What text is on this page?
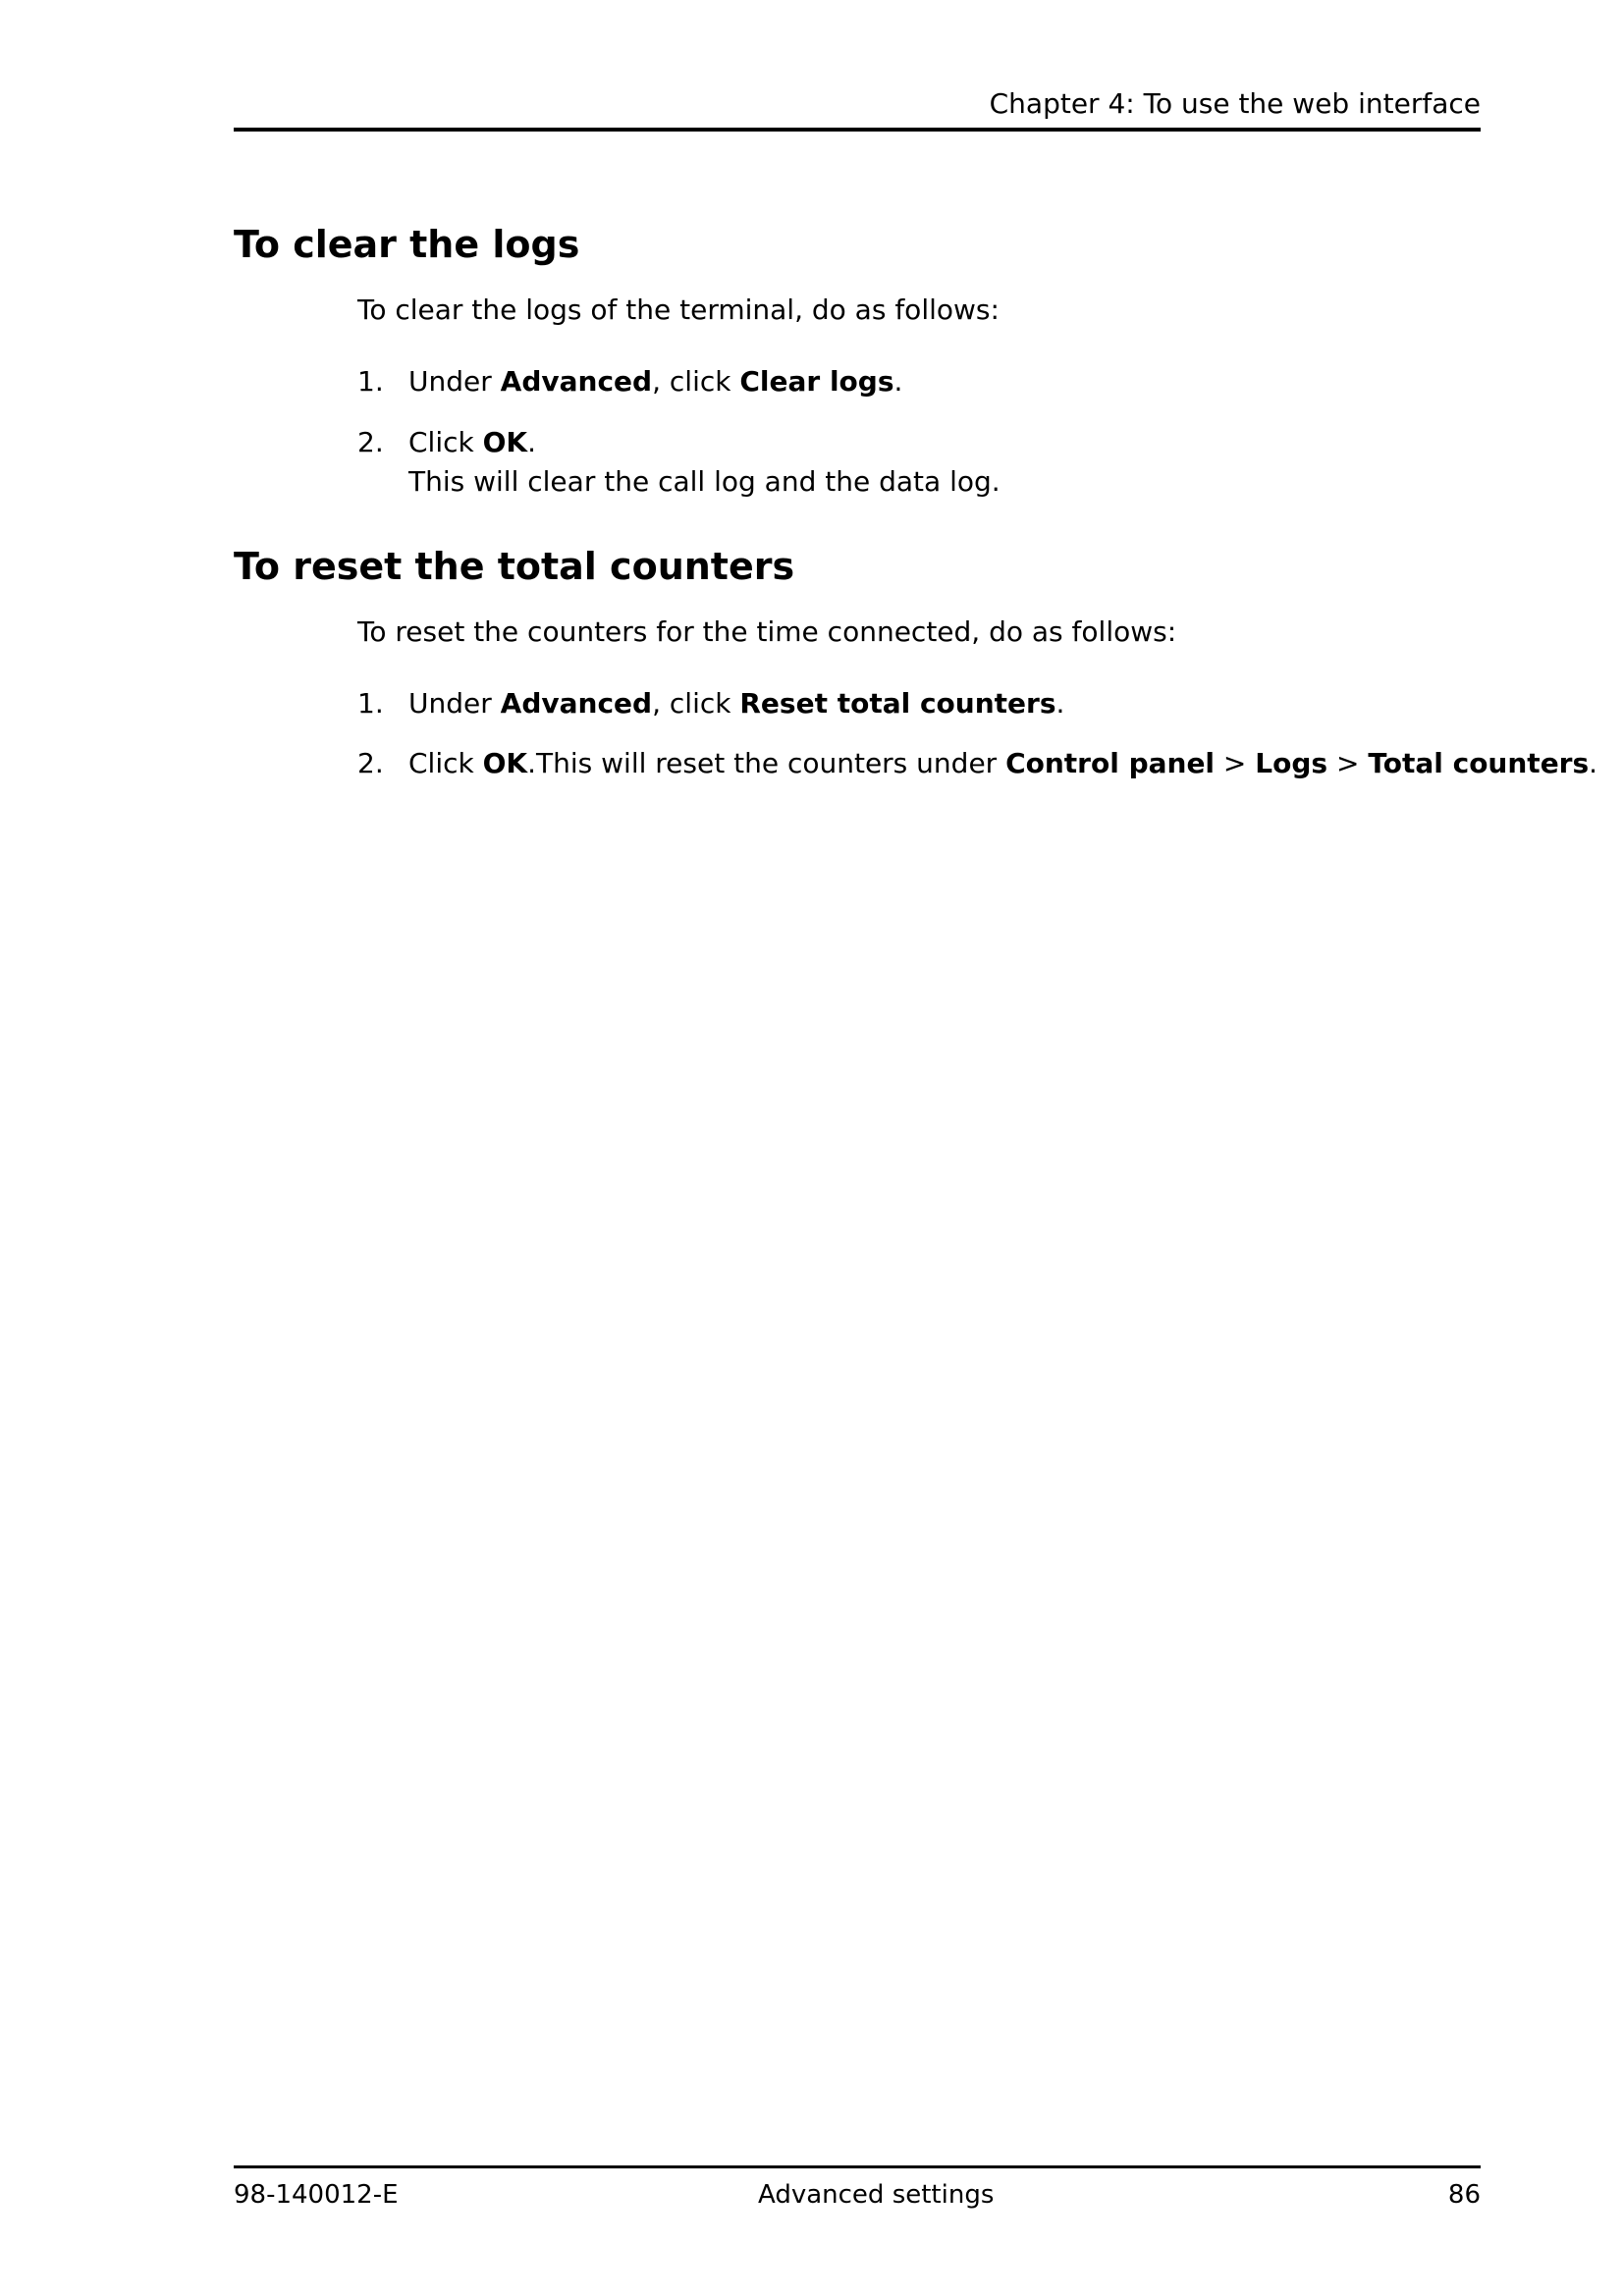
Chapter 4: To use the web interface
To clear the logs
To clear the logs of the terminal, do as follows:
1. Under Advanced, click Clear logs.
2. Click OK.
This will clear the call log and the data log.
To reset the total counters
To reset the counters for the time connected, do as follows:
1. Under Advanced, click Reset total counters.
2. Click OK.This will reset the counters under Control panel > Logs > Total counters.
98-140012-E	Advanced settings	86
